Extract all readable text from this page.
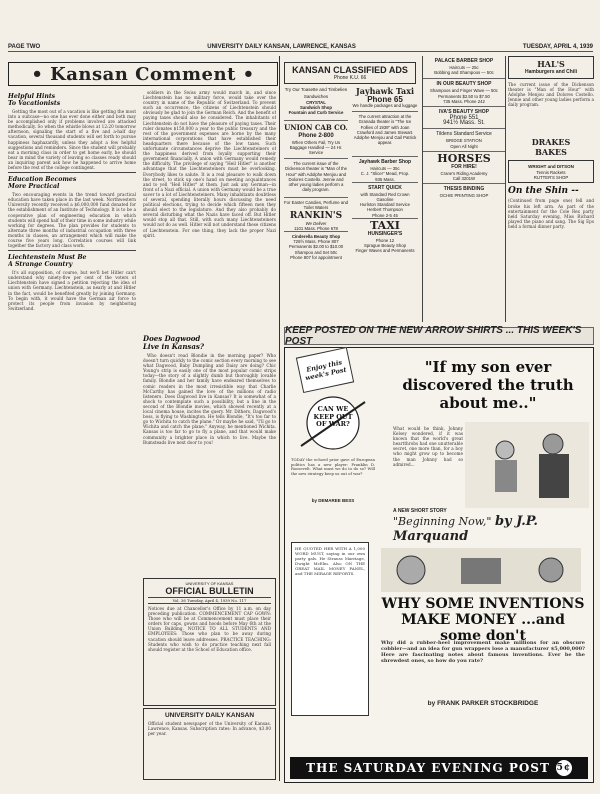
PAGE TWO	UNIVERSITY DAILY KANSAN, LAWRENCE, KANSAS	TUESDAY, APRIL 4, 1939
• Kansan Comment •
Helpful Hints
To Vacationists

Getting the most out of a vacation is like getting the most into a suitcase—no one has ever done either and both may be accomplished only if problems involved are attacked methodically. So when the whistle blows at 12:20 tomorrow afternoon, signaling the start of a five and a-half day vacation, several thousand students will set forth to pursue happiness haphazardly, unless they adopt a few helpful suggestions and reminders. Since the student will probably eat a morning class in order to get home early, he should bear in mind the variety of leaving so classes ready should an inquiring parent ask how he happened to arrive home before the rest of the college contingent.

Education Becomes
More Practical

Two encouraging events in the trend toward practical education have taken place in the last week. Northwestern University recently received a $6,000,000 fund donated for the establishment of an Institute of Technology. It is to be a cooperative plan of engineering education in which students will spend half of their time in some industry while working for degrees. The plan provides for students to alternate three months of industrial occupation with three months in classes, an arrangement which will make the course five years long. Correlation courses will link together the factory and class work.

Liechtenstein Must Be
A Strange Country

It's all supposition, of course, but we'll bet Hitler can't understand why ninety-five per cent of the voters of Liechtenstein have signed a petition rejecting the idea of union with Germany. Liechtenstein, as nearly at and Hitler in the fact, would be benefited greatly by joining Germany. To begin with, it would have the German air force to protect its people from invasion by neighboring Switzerland.

soldiers in the Swiss army would march in, and since Liechtenstein has no military force, would take over the country in name of the Republic of Switzerland. To prevent such an occurrence, the citizens of Liechtenstein should obviously be glad to join the German Reich. And the benefit of paying taxes should also be considered. The inhabitants of Liechtenstein do not have the pleasure of paying taxes. Their ruler donates $150,000 a year to the public treasury and the rest of the government expenses are borne by the many international corporations that have established their headquarters there because of the low taxes. Such unfortunate circumstances deprive the Liechtensteiners of the happiness derived from loyally supporting their government financially. A union with Germany would remedy the difficulty. The privilege of saying "Heil Hitler" is another advantage that the Liechtensteiners must be overlooking. Everybody likes to salute. It is a real pleasure to walk down the street, to stick up one's hand on meeting acquaintances and to yell "Heil Hitler" at them. Just ask any German—in front of a Nazi official. A union with Germany would be a true saver to a lot of Liechtensteiners. Many inhabitants doubtless of several, spending literally hours discussing the need political elections, trying to decide which fifteen men they should elect to the legislature. And they also probably do several disturbing what the Nazis have faced off. But Hitler would stop all that. Still, with such many Liechtensteiners would not do as well. Hitler will not understand these citizens of Liechtenstein. For one thing, they lack the proper Nazi spirit.

Does Dagwood
Live in Kansas?

Who doesn't read Blondie in the morning paper? Who doesn't turn quickly to the comic section every morning to see what Dagwood, Baby Dumpling and Daisy are doing? Chic Young's strip is easily one of the most popular comic strips today—the story of a slightly dumb but thoroughly lovable family. Blondie and her family have endeared themselves to comic readers in the most irresistible way that Charlie McCarthy has gained the love of the millions of radio listeners. Does Dagwood live in Kansas? It is somewhat of a shock to contemplate such a possibility, but a line in the second of the Blondie movies, which showed recently at a local cinema house, incites the query. Mr. Dithers, Dagwood's boss, is flying to Washington. He tells Blondie, "It's too far to go to Wichita to catch the plane." Or maybe he said, "I'll go to Wichita and catch the plane." Anyway, he mentioned Wichita. Kansas is too far to go to fly a plane, and that would make community a brighter place in which to live. Maybe the Bumsteads live next door to you!

UNIVERSITY OF KANSAS
OFFICIAL BULLETIN
Vol. 36 Tuesday, April 4, 1939 No. 117
Notices due at Chancellor's Office by 11 a.m. on day preceding publication. COMMENCEMENT CAP GOWN: Those who will be at Commencement must place their orders for caps, gowns and hoods before May 6th at the Union Building. NOTICE TO ALL STUDENTS AND EMPLOYEES: Those who plan to be away during vacation should leave addresses. PRACTICE TEACHING: Students who wish to do practice teaching next fall should register at the School of Education office.
UNIVERSITY DAILY KANSAN
Official student newspaper of the University of Kansas. Lawrence, Kansas. Subscription rates: In advance, $3.00 per year.
KANSAN CLASSIFIED ADS
Phone K.U. 66
Try Our Toasette and Timbelien Sandwiches
CRYSTAL
Sandwich Shop
Fountain and Curb Service
UNION CAB CO.
Phone 2-800
When Others Fail, Try Us
Baggage Handled — 24 Hr. Service
The current issue of the Dickenson theater is "Man of the Hour" with Adolphe Menjou and Dolores Costello. Jennie and other young ladies perform a daily program.
For Easter Candies, Perfume and Toilet Waters
RANKIN'S
We Deliver
1101 Mass. Phone 678
Cinderella Beauty Shop
728½ Mass. Phone 807
Permanents $2.00 to $10.00
Shampoo and Set 50c
Phone 807 for appointment
Jayhawk Taxi
Phone 65
We handle packages and luggage
The current attraction at the Granada theater is "The Ice Follies of 1939" with Joan Crawford and James Stewart. Adolphe Menjou and Gail Patrick appear.
Jayhawk Barber Shop
Haircuts — 35c
C. J. "Slicer" Mead, Prop.
935 Mass.
START QUICK
with Standard Red Crown Gasoline
Hurlston Standard Service
Herbert Thompson
Phone 2-5 45
TAXI
HUNSINGER'S
Phone 12
Sprague Beauty Shop
Finger Waves and Permanents
PALACE BARBER SHOP
Haircuts — 25c
Bobbing and Shampoos — 50c
IN OUR BEAUTY SHOP
Shampoos and Finger Wave — 50c
Permanents $2.50 to $7.50
735 Mass. Phone 242
IVA'S BEAUTY SHOP
Phone 551
941½ Mass. St.
Tildens Standard Service
BRIDGE STATION
Open All Night
HORSES
FOR HIRE!
Crane's Riding Academy
Call 3201W
THESIS BINDING
OCHIE PRINTING SHOP
HAL'S
Hamburgers and Chili
The current issue of the Dickenson theater is "Man of the Hour" with Adolphe Menjou and Dolores Costello. Jennie and other young ladies perform a daily program.
DRAKES
BAKES
WRIGHT and DITSON
Tennis Rackets
RUTTER'S SHOP
On the Shin --
(Continued from page one) fell and broke his left arm. As part of the entertainment for the Cole Rex party held Saturday evening, Miss Richard played the piano and sang. The Sig Eps held a formal dinner party.
KEEP POSTED ON THE NEW ARROW SHIRTS ... THIS WEEK'S POST
Enjoy this week's Post	"If my son ever discovered the truth about me.."
CAN WE KEEP OUT OF WAR?
TODAY the echoed prior gave of European politics has a new player: Franklin D. Roosevelt. What must we do to do so? Will the new strategy keep us out of war?
by DEMAREE BESS
What would he think, Johnny Kelsey wondered, if it was known that the world's great heartthrobs had one unutterable secret, one more than, for a boy who might grow up to become the man Johnny had so admired...
A NEW SHORT STORY
"Beginning Now," by J.P. Marquand
HE QUOTED HER WITH A 1,000 WORD MUST, saying in our own party gals. He Strauss Marriage, Dwight McElm. Also ON THE GREAT MAIL MONEY PANEL, and THE MIRAGE REPORTS.
WHY SOME INVENTIONS MAKE MONEY ...and some don't
Why did a rubber-heel improvement make millions for an obscure cobbler—and an idea for gun wrappers lose a manufacturer $5,000,000? Here are fascinating notes about famous inventions. Ever be the shrewdest ones, so how do you rate?
by FRANK PARKER STOCKBRIDGE
THE SATURDAY EVENING POST 5¢
